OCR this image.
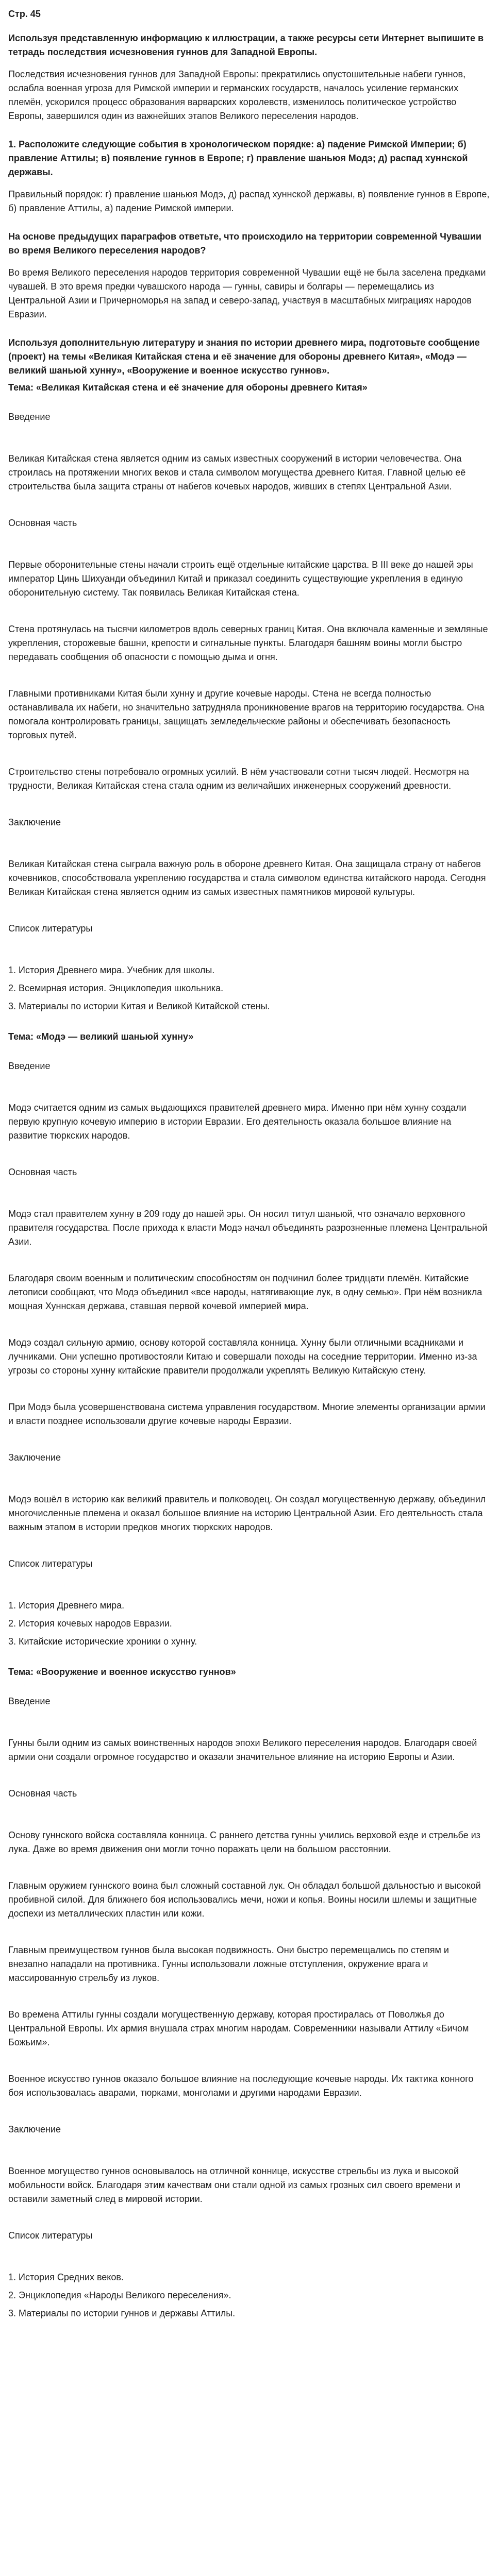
Стр. 45
Используя представленную информацию к иллюстрации, а также ресурсы сети Интернет выпишите в тетрадь последствия исчезновения гуннов для Западной Европы.
Последствия исчезновения гуннов для Западной Европы: прекратились опустошительные набеги гуннов, ослабла военная угроза для Римской империи и германских государств, началось усиление германских племён, ускорился процесс образования варварских королевств, изменилось политическое устройство Европы, завершился один из важнейших этапов Великого переселения народов.
1. Расположите следующие события в хронологическом порядке: а) падение Римской Империи; б) правление Аттилы; в) появление гуннов в Европе; г) правление шаньюя Модэ; д) распад хуннской державы.
Правильный порядок: г) правление шаньюя Модэ, д) распад хуннской державы, в) появление гуннов в Европе, б) правление Аттилы, а) падение Римской империи.
На основе предыдущих параграфов ответьте, что происходило на территории современной Чувашии во время Великого переселения народов?
Во время Великого переселения народов территория современной Чувашии ещё не была заселена предками чувашей. В это время предки чувашского народа — гунны, савиры и болгары — перемещались из Центральной Азии и Причерноморья на запад и северо-запад, участвуя в масштабных миграциях народов Евразии.
Используя дополнительную литературу и знания по истории древнего мира, подготовьте сообщение (проект) на темы «Великая Китайская стена и её значение для обороны древнего Китая», «Модэ — великий шаньюй хунну», «Вооружение и военное искусство гуннов».
Тема: «Великая Китайская стена и её значение для обороны древнего Китая»
Введение
Великая Китайская стена является одним из самых известных сооружений в истории человечества. Она строилась на протяжении многих веков и стала символом могущества древнего Китая. Главной целью её строительства была защита страны от набегов кочевых народов, живших в степях Центральной Азии.
Основная часть
Первые оборонительные стены начали строить ещё отдельные китайские царства. В III веке до нашей эры император Цинь Шихуанди объединил Китай и приказал соединить существующие укрепления в единую оборонительную систему. Так появилась Великая Китайская стена.
Стена протянулась на тысячи километров вдоль северных границ Китая. Она включала каменные и земляные укрепления, сторожевые башни, крепости и сигнальные пункты. Благодаря башням воины могли быстро передавать сообщения об опасности с помощью дыма и огня.
Главными противниками Китая были хунну и другие кочевые народы. Стена не всегда полностью останавливала их набеги, но значительно затрудняла проникновение врагов на территорию государства. Она помогала контролировать границы, защищать земледельческие районы и обеспечивать безопасность торговых путей.
Строительство стены потребовало огромных усилий. В нём участвовали сотни тысяч людей. Несмотря на трудности, Великая Китайская стена стала одним из величайших инженерных сооружений древности.
Заключение
Великая Китайская стена сыграла важную роль в обороне древнего Китая. Она защищала страну от набегов кочевников, способствовала укреплению государства и стала символом единства китайского народа. Сегодня Великая Китайская стена является одним из самых известных памятников мировой культуры.
Список литературы
1. История Древнего мира. Учебник для школы.
2. Всемирная история. Энциклопедия школьника.
3. Материалы по истории Китая и Великой Китайской стены.
Тема: «Модэ — великий шаньюй хунну»
Введение
Модэ считается одним из самых выдающихся правителей древнего мира. Именно при нём хунну создали первую крупную кочевую империю в истории Евразии. Его деятельность оказала большое влияние на развитие тюркских народов.
Основная часть
Модэ стал правителем хунну в 209 году до нашей эры. Он носил титул шаньюй, что означало верховного правителя государства. После прихода к власти Модэ начал объединять разрозненные племена Центральной Азии.
Благодаря своим военным и политическим способностям он подчинил более тридцати племён. Китайские летописи сообщают, что Модэ объединил «все народы, натягивающие лук, в одну семью». При нём возникла мощная Хуннская держава, ставшая первой кочевой империей мира.
Модэ создал сильную армию, основу которой составляла конница. Хунну были отличными всадниками и лучниками. Они успешно противостояли Китаю и совершали походы на соседние территории. Именно из-за угрозы со стороны хунну китайские правители продолжали укреплять Великую Китайскую стену.
При Модэ была усовершенствована система управления государством. Многие элементы организации армии и власти позднее использовали другие кочевые народы Евразии.
Заключение
Модэ вошёл в историю как великий правитель и полководец. Он создал могущественную державу, объединил многочисленные племена и оказал большое влияние на историю Центральной Азии. Его деятельность стала важным этапом в истории предков многих тюркских народов.
Список литературы
1. История Древнего мира.
2. История кочевых народов Евразии.
3. Китайские исторические хроники о хунну.
Тема: «Вооружение и военное искусство гуннов»
Введение
Гунны были одним из самых воинственных народов эпохи Великого переселения народов. Благодаря своей армии они создали огромное государство и оказали значительное влияние на историю Европы и Азии.
Основная часть
Основу гуннского войска составляла конница. С раннего детства гунны учились верховой езде и стрельбе из лука. Даже во время движения они могли точно поражать цели на большом расстоянии.
Главным оружием гуннского воина был сложный составной лук. Он обладал большой дальностью и высокой пробивной силой. Для ближнего боя использовались мечи, ножи и копья. Воины носили шлемы и защитные доспехи из металлических пластин или кожи.
Главным преимуществом гуннов была высокая подвижность. Они быстро перемещались по степям и внезапно нападали на противника. Гунны использовали ложные отступления, окружение врага и массированную стрельбу из луков.
Во времена Аттилы гунны создали могущественную державу, которая простиралась от Поволжья до Центральной Европы. Их армия внушала страх многим народам. Современники называли Аттилу «Бичом Божьим».
Военное искусство гуннов оказало большое влияние на последующие кочевые народы. Их тактика конного боя использовалась аварами, тюрками, монголами и другими народами Евразии.
Заключение
Военное могущество гуннов основывалось на отличной коннице, искусстве стрельбы из лука и высокой мобильности войск. Благодаря этим качествам они стали одной из самых грозных сил своего времени и оставили заметный след в мировой истории.
Список литературы
1. История Средних веков.
2. Энциклопедия «Народы Великого переселения».
3. Материалы по истории гуннов и державы Аттилы.
